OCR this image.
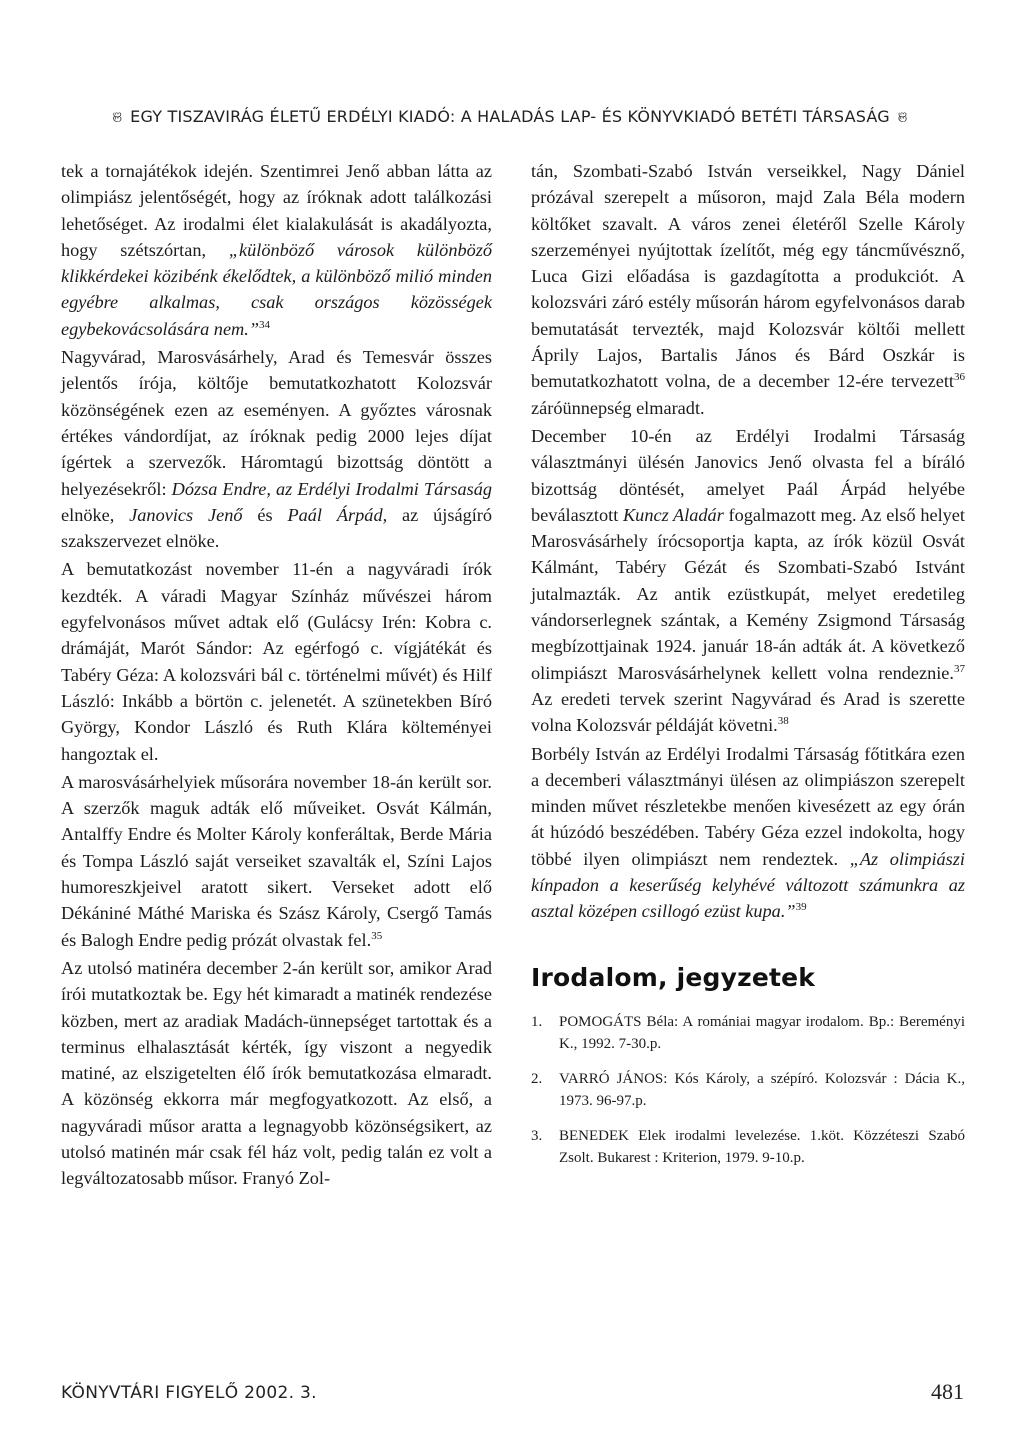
ଞ EGY TISZAVIRÁG ÉLETŰ ERDÉLYI KIADÓ: A HALADÁS LAP- ÉS KÖNYVKIADÓ BETÉTI TÁRSASÁG ଞ

tek a tornajátékok idején. Szentimrei Jenő abban látta az olimpiász jelentőségét, hogy az íróknak adott találkozási lehetőséget. Az irodalmi élet kialakulását is akadályozta, hogy szétszórtan, „különböző városok különböző klikkérdekei közibénk ékelődtek, a különböző milió minden egyébre alkalmas, csak országos közösségek egybekovácsolására nem.”$^{34}$

Nagyvárad, Marosvásárhely, Arad és Temesvár összes jelentős írója, költője bemutatkozhatott Kolozsvár közönségének ezen az eseményen. A győztes városnak értékes vándordíjat, az íróknak pedig 2000 lejes díjat ígértek a szervezők. Háromtagú bizottság döntött a helyezésekről: Dózsa Endre, az Erdélyi Irodalmi Társaság elnöke, Janovics Jenő és Paál Árpád, az újságíró szakszervezet elnöke.

A bemutatkozást november 11-én a nagyváradi írók kezdték. A váradi Magyar Színház művészei három egyfelvonásos művet adtak elő (Gulácsy Irén: Kobra c. drámáját, Marót Sándor: Az egérfogó c. vígjátékát és Tabéry Géza: A kolozsvári bál c. történelmi művét) és Hilf László: Inkább a börtön c. jelenetét. A szünetekben Bíró György, Kondor László és Ruth Klára költeményei hangoztak el.

A marosvásárhelyiek műsorára november 18-án került sor. A szerzők maguk adták elő műveiket. Osvát Kálmán, Antalffy Endre és Molter Károly konferáltak, Berde Mária és Tompa László saját verseiket szavalták el, Színi Lajos humoreszkjeivel aratott sikert. Verseket adott elő Dékániné Máthé Mariska és Szász Károly, Csergő Tamás és Balogh Endre pedig prózát olvastak fel.$^{35}$

Az utolsó matinéra december 2-án került sor, amikor Arad írói mutatkoztak be. Egy hét kimaradt a matinék rendezése közben, mert az aradiak Madách-ünnepséget tartottak és a terminus elhalasztását kérték, így viszont a negyedik matiné, az elszigetelten élő írók bemutatkozása elmaradt. A közönség ekkorra már megfogyatkozott. Az első, a nagyváradi műsor aratta a legnagyobb közönségsikert, az utolsó matinén már csak fél ház volt, pedig talán ez volt a legváltozatosabb műsor. Franyó Zol-

tán, Szombati-Szabó István verseikkel, Nagy Dániel prózával szerepelt a műsoron, majd Zala Béla modern költőket szavalt. A város zenei életéről Szelle Károly szerzeményei nyújtottak ízelítőt, még egy táncművésznő, Luca Gizi előadása is gazdagította a produkciót. A kolozsvári záró estély műsorán három egyfelvonásos darab bemutatását tervezték, majd Kolozsvár költői mellett Áprily Lajos, Bartalis János és Bárd Oszkár is bemutatkozhatott volna, de a december 12-ére tervezett$^{36}$ záróünnepség elmaradt.

December 10-én az Erdélyi Irodalmi Társaság választmányi ülésén Janovics Jenő olvasta fel a bíráló bizottság döntését, amelyet Paál Árpád helyébe beválasztott Kuncz Aladár fogalmazott meg. Az első helyet Marosvásárhely írócsoportja kapta, az írók közül Osvát Kálmánt, Tabéry Gézát és Szombati-Szabó Istvánt jutalmazták. Az antik ezüstkupát, melyet eredetileg vándorserlegnek szántak, a Kemény Zsigmond Társaság megbízottjainak 1924. január 18-án adták át. A következő olimpiászt Marosvásárhelynek kellett volna rendeznie.$^{37}$ Az eredeti tervek szerint Nagyvárad és Arad is szerette volna Kolozsvár példáját követni.$^{38}$

Borbély István az Erdélyi Irodalmi Társaság főtitkára ezen a decemberi választmányi ülésen az olimpiászon szerepelt minden művet részletekbe menően kivesézett az egy órán át húzódó beszédében. Tabéry Géza ezzel indokolta, hogy többé ilyen olimpiászt nem rendeztek. „Az olimpiászi kínpadon a keserűség kelyhévé változott számunkra az asztal középen csillogó ezüst kupa.”$^{39}$

Irodalom, jegyzetek
1.	POMOGÁTS Béla: A romániai magyar irodalom. Bp.: Bereményi K., 1992. 7-30.p.
2.	VARRÓ JÁNOS: Kós Károly, a szépíró. Kolozsvár : Dácia K., 1973. 96-97.p.
3.	BENEDEK Elek irodalmi levelezése. 1.köt. Közzéteszi Szabó Zsolt. Bukarest : Kriterion, 1979. 9-10.p.
KÖNYVTÁRI FIGYELŐ 2002. 3.	481
